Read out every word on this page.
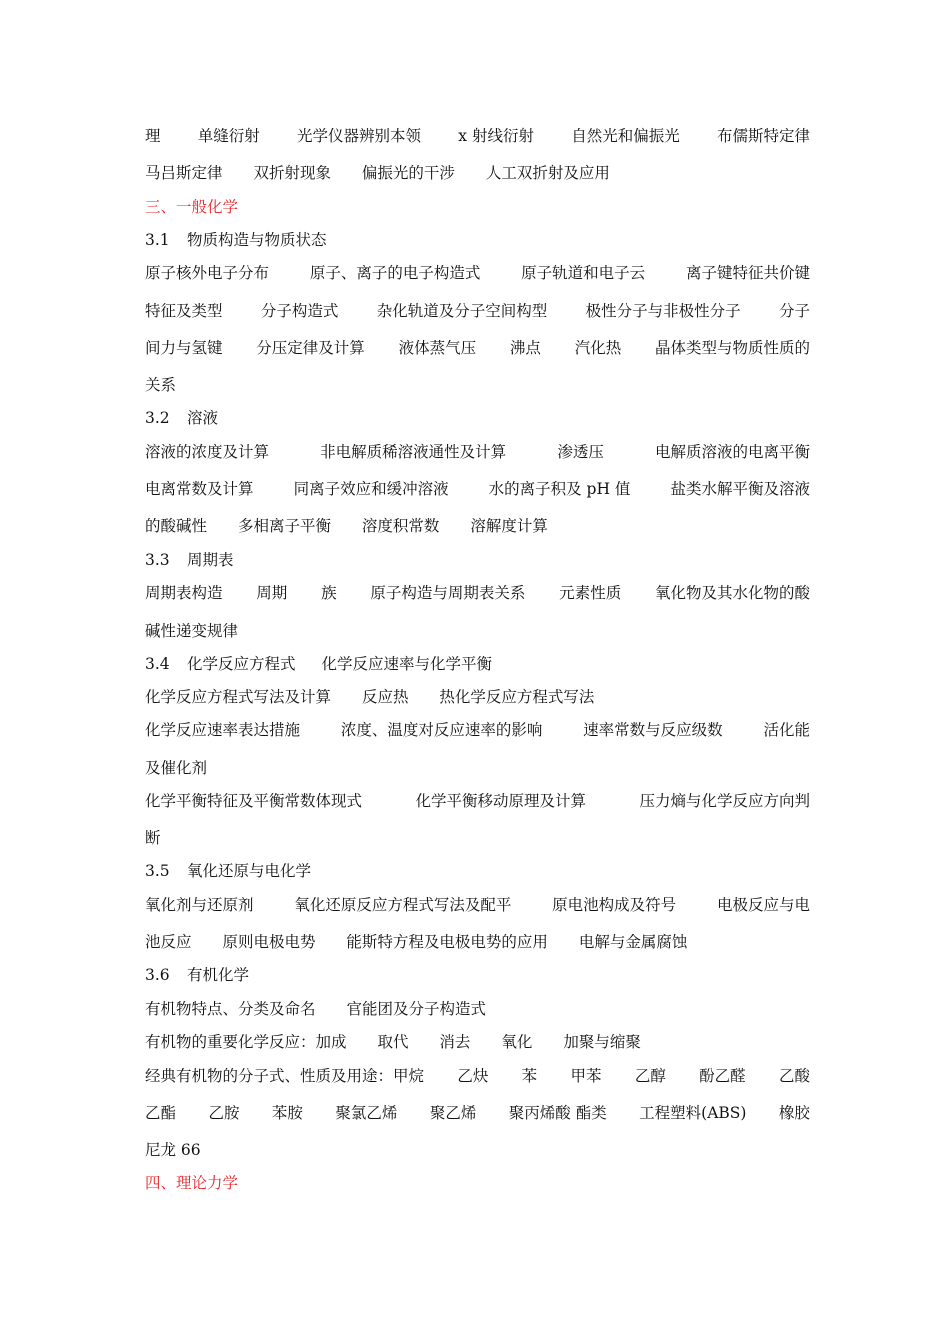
理 单缝衍射 光学仪器辨别本领 x 射线衍射 自然光和偏振光 布儒斯特定律
马吕斯定律 双折射现象 偏振光的干涉 人工双折射及应用
三、一般化学
3.1 物质构造与物质状态
原子核外电子分布	原子、离子的电子构造式	原子轨道和电子云	离子键特征共价键
特征及类型 分子构造式 杂化轨道及分子空间构型 极性分子与非极性分子 分子
间力与氢键 分压定律及计算 液体蒸气压 沸点 汽化热 晶体类型与物质性质的
关系
3.2 溶液
溶液的浓度及计算	非电解质稀溶液通性及计算	渗透压	电解质溶液的电离平衡
电离常数及计算	同离子效应和缓冲溶液	水的离子积及 pH 值	盐类水解平衡及溶液
的酸碱性 多相离子平衡 溶度积常数 溶解度计算
3.3 周期表
周期表构造 周期 族 原子构造与周期表关系 元素性质 氧化物及其水化物的酸
碱性递变规律
3.4 化学反应方程式 化学反应速率与化学平衡
化学反应方程式写法及计算 反应热 热化学反应方程式写法
化学反应速率表达措施	浓度、温度对反应速率的影响	速率常数与反应级数	活化能
及催化剂
化学平衡特征及平衡常数体现式	化学平衡移动原理及计算	压力熵与化学反应方向判
断
3.5 氧化还原与电化学
氧化剂与还原剂	氧化还原反应方程式写法及配平	原电池构成及符号	电极反应与电
池反应 原则电极电势 能斯特方程及电极电势的应用 电解与金属腐蚀
3.6 有机化学
有机物特点、分类及命名 官能团及分子构造式
有机物的重要化学反应：加成 取代 消去 氧化 加聚与缩聚
经典有机物的分子式、性质及用途：甲烷 乙炔 苯 甲苯 乙醇 酚乙醛 乙酸
乙酯 乙胺 苯胺 聚氯乙烯 聚乙烯 聚丙烯酸 酯类 工程塑料(ABS) 橡胶
尼龙 66
四、理论力学
